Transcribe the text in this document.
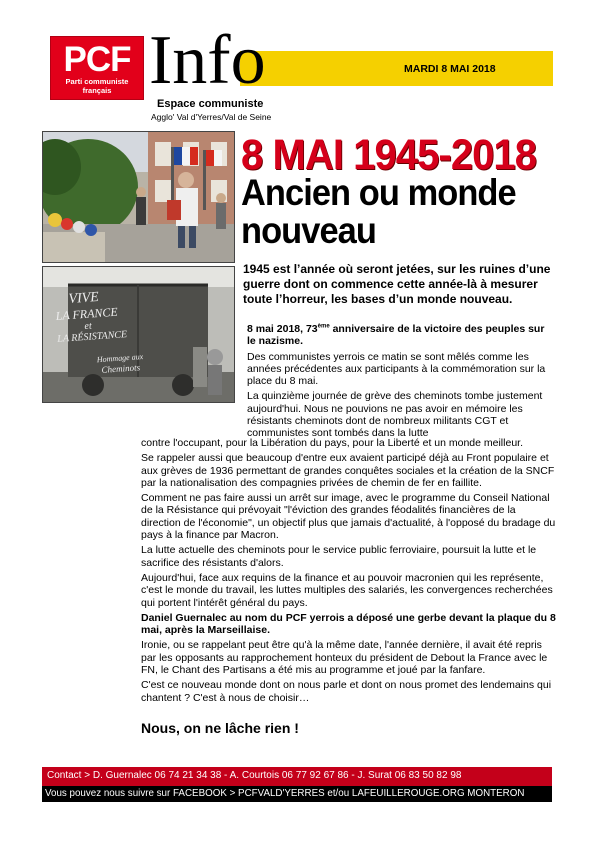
PCF
Parti communiste français Info	MARDI 8 MAI 2018
Espace communiste
Agglo' Val d'Yerres/Val de Seine
VIVE
LA FRANCE
et
LA RÉSISTANCE
Hommage aux
Cheminots
8 MAI 1945-2018
Ancien ou monde nouveau
1945 est l’année où seront jetées, sur les ruines d’une guerre dont on commence cette année-là à mesurer toute l’horreur, les bases d’un monde nouveau.

8 mai 2018, 73ème anniversaire de la victoire des peuples sur le nazisme.

Des communistes yerrois ce matin se sont mêlés comme les années précédentes aux participants à la commémoration sur la place du 8 mai.

La quinzième journée de grève des cheminots tombe justement aujourd'hui. Nous ne pouvions ne pas avoir en mémoire les résistants cheminots dont de nombreux militants CGT et communistes sont tombés dans la lutte

contre l'occupant, pour la Libération du pays, pour la Liberté et un monde meilleur.

Se rappeler aussi que beaucoup d'entre eux avaient participé déjà au Front populaire et aux grèves de 1936 permettant de grandes conquêtes sociales et la création de la SNCF par la nationalisation des compagnies privées de chemin de fer en faillite.

Comment ne pas faire aussi un arrêt sur image, avec le programme du Conseil National de la Résistance qui prévoyait "l'éviction des grandes féodalités financières de la direction de l'économie", un objectif plus que jamais d'actualité, à l'opposé du bradage du pays à la finance par Macron.

La lutte actuelle des cheminots pour le service public ferroviaire, poursuit la lutte et le sacrifice des résistants d'alors.

Aujourd'hui, face aux requins de la finance et au pouvoir macronien qui les représente, c'est le monde du travail, les luttes multiples des salariés, les convergences recherchées qui portent l'intérêt général du pays.

Daniel Guernalec au nom du PCF yerrois a déposé une gerbe devant la plaque du 8 mai, après la Marseillaise.

Ironie, ou se rappelant peut être qu'à la même date, l'année dernière, il avait été repris par les opposants au rapprochement honteux du président de Debout la France avec le FN, le Chant des Partisans a été mis au programme et joué par la fanfare.

C'est ce nouveau monde dont on nous parle et dont on nous promet des lendemains qui chantent ? C'est à nous de choisir…

Nous, on ne lâche rien !
Contact > D. Guernalec 06 74 21 34 38 - A. Courtois 06 77 92 67 86 - J. Surat 06 83 50 82 98
Vous pouvez nous suivre sur FACEBOOK > PCFVALD'YERRES et/ou LAFEUILLEROUGE.ORG MONTERON
